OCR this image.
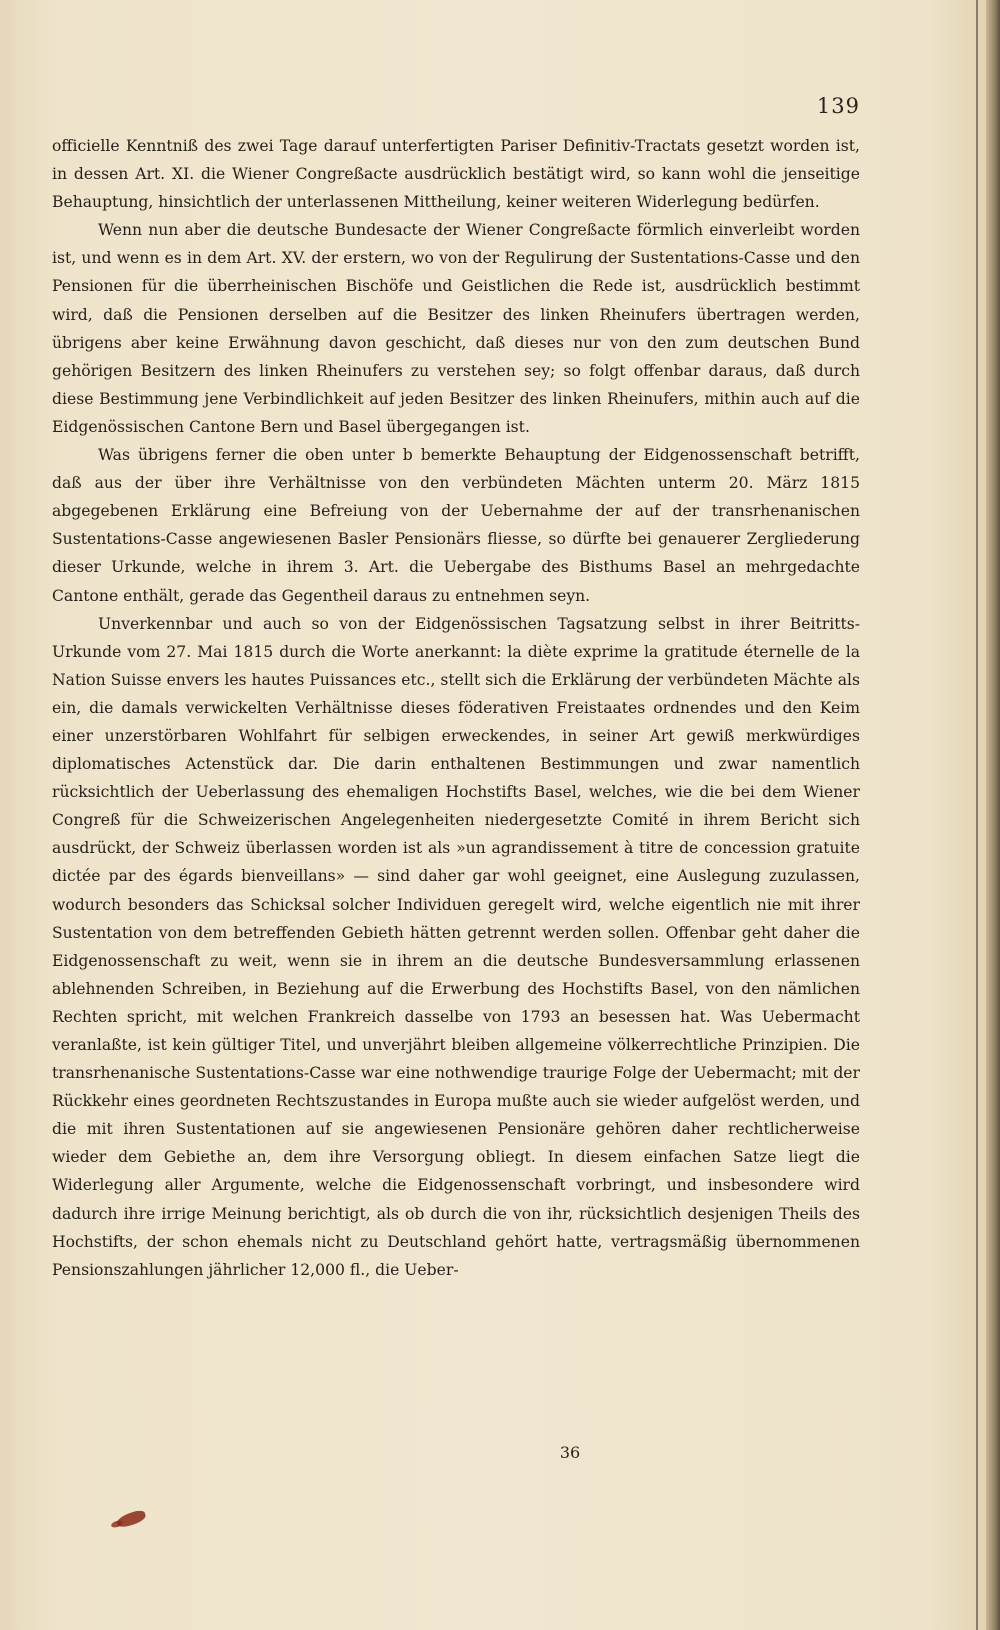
139

officielle Kenntniß des zwei Tage darauf unterfertigten Pariser Definitiv-Tractats gesetzt worden ist, in dessen Art. XI. die Wiener Congreßacte ausdrücklich bestätigt wird, so kann wohl die jenseitige Behauptung, hinsichtlich der unterlassenen Mittheilung, keiner weiteren Widerlegung bedürfen.

Wenn nun aber die deutsche Bundesacte der Wiener Congreßacte förmlich einverleibt worden ist, und wenn es in dem Art. XV. der erstern, wo von der Regulirung der Sustentations-Casse und den Pensionen für die überrheinischen Bischöfe und Geistlichen die Rede ist, ausdrücklich bestimmt wird, daß die Pensionen derselben auf die Besitzer des linken Rheinufers übertragen werden, übrigens aber keine Erwähnung davon geschicht, daß dieses nur von den zum deutschen Bund gehörigen Besitzern des linken Rheinufers zu verstehen sey; so folgt offenbar daraus, daß durch diese Bestimmung jene Verbindlichkeit auf jeden Besitzer des linken Rheinufers, mithin auch auf die Eidgenössischen Cantone Bern und Basel übergegangen ist.

Was übrigens ferner die oben unter b bemerkte Behauptung der Eidgenossenschaft betrifft, daß aus der über ihre Verhältnisse von den verbündeten Mächten unterm 20. März 1815 abgegebenen Erklärung eine Befreiung von der Uebernahme der auf der transrhenanischen Sustentations-Casse angewiesenen Basler Pensionärs fliesse, so dürfte bei genauerer Zergliederung dieser Urkunde, welche in ihrem 3. Art. die Uebergabe des Bisthums Basel an mehrgedachte Cantone enthält, gerade das Gegentheil daraus zu entnehmen seyn.

Unverkennbar und auch so von der Eidgenössischen Tagsatzung selbst in ihrer Beitritts-Urkunde vom 27. Mai 1815 durch die Worte anerkannt: la diète exprime la gratitude éternelle de la Nation Suisse envers les hautes Puissances etc., stellt sich die Erklärung der verbündeten Mächte als ein, die damals verwickelten Verhältnisse dieses föderativen Freistaates ordnendes und den Keim einer unzerstörbaren Wohlfahrt für selbigen erweckendes, in seiner Art gewiß merkwürdiges diplomatisches Actenstück dar. Die darin enthaltenen Bestimmungen und zwar namentlich rücksichtlich der Ueberlassung des ehemaligen Hochstifts Basel, welches, wie die bei dem Wiener Congreß für die Schweizerischen Angelegenheiten niedergesetzte Comité in ihrem Bericht sich ausdrückt, der Schweiz überlassen worden ist als »un agrandissement à titre de concession gratuite dictée par des égards bienveillans» — sind daher gar wohl geeignet, eine Auslegung zuzulassen, wodurch besonders das Schicksal solcher Individuen geregelt wird, welche eigentlich nie mit ihrer Sustentation von dem betreffenden Gebieth hätten getrennt werden sollen. Offenbar geht daher die Eidgenossenschaft zu weit, wenn sie in ihrem an die deutsche Bundesversammlung erlassenen ablehnenden Schreiben, in Beziehung auf die Erwerbung des Hochstifts Basel, von den nämlichen Rechten spricht, mit welchen Frankreich dasselbe von 1793 an besessen hat. Was Uebermacht veranlaßte, ist kein gültiger Titel, und unverjährt bleiben allgemeine völkerrechtliche Prinzipien. Die transrhenanische Sustentations-Casse war eine nothwendige traurige Folge der Uebermacht; mit der Rückkehr eines geordneten Rechtszustandes in Europa mußte auch sie wieder aufgelöst werden, und die mit ihren Sustentationen auf sie angewiesenen Pensionäre gehören daher rechtlicherweise wieder dem Gebiethe an, dem ihre Versorgung obliegt. In diesem einfachen Satze liegt die Widerlegung aller Argumente, welche die Eidgenossenschaft vorbringt, und insbesondere wird dadurch ihre irrige Meinung berichtigt, als ob durch die von ihr, rücksichtlich desjenigen Theils des Hochstifts, der schon ehemals nicht zu Deutschland gehört hatte, vertragsmäßig übernommenen Pensionszahlungen jährlicher 12,000 fl., die Ueber-

36
